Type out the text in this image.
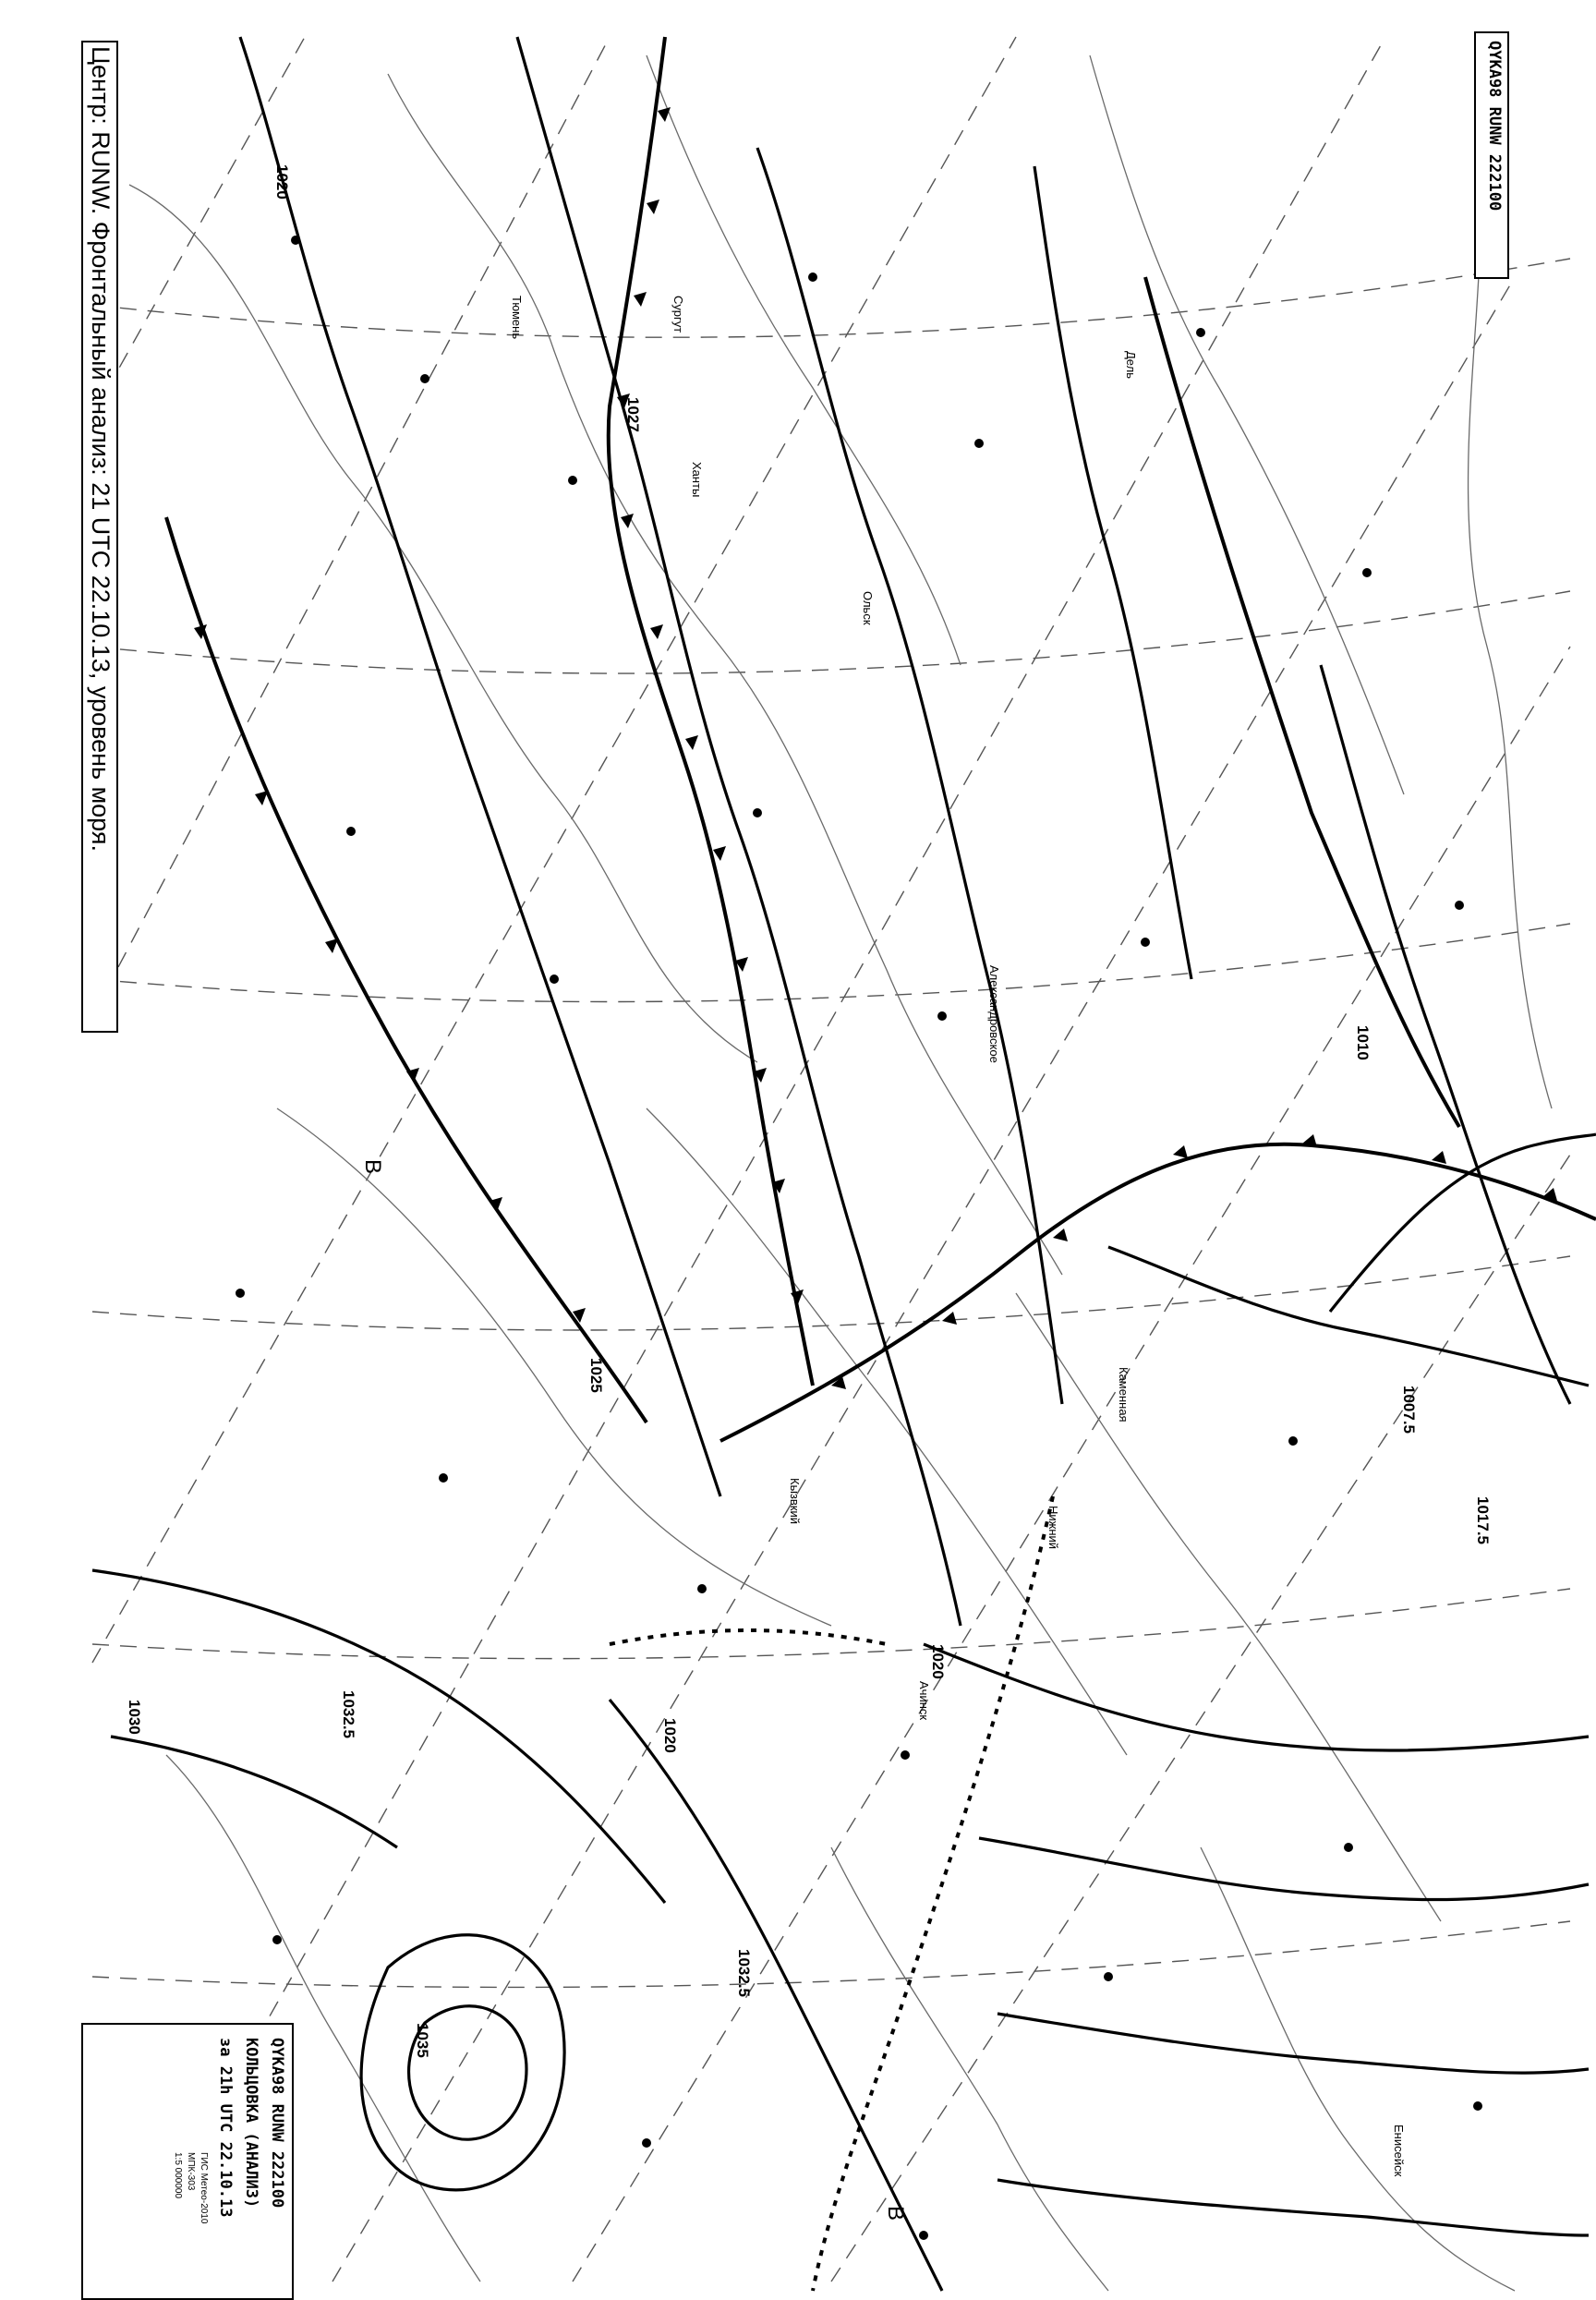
1020
1027
1025
1020
1032.5
1030
1020
1032.5
1010
1007.5
1017.5
1035
В
В
Сургут
Тюмень
Ханты
Дель
Ольск
Александровское
Каменная
Кызвкий
Нижний
Ачинск
Енисейск
Центр: RUNW. Фронтальный анализ: 21 UTC 22.10.13, уровень моря.	QYKA98 RUNW 222100
QYKA98 RUNW 222100
КОЛЬЦОВКА (АНАЛИЗ)
за 21h UTC 22.10.13
ГИС Метео-2010
МПК-303
1:5 000000
